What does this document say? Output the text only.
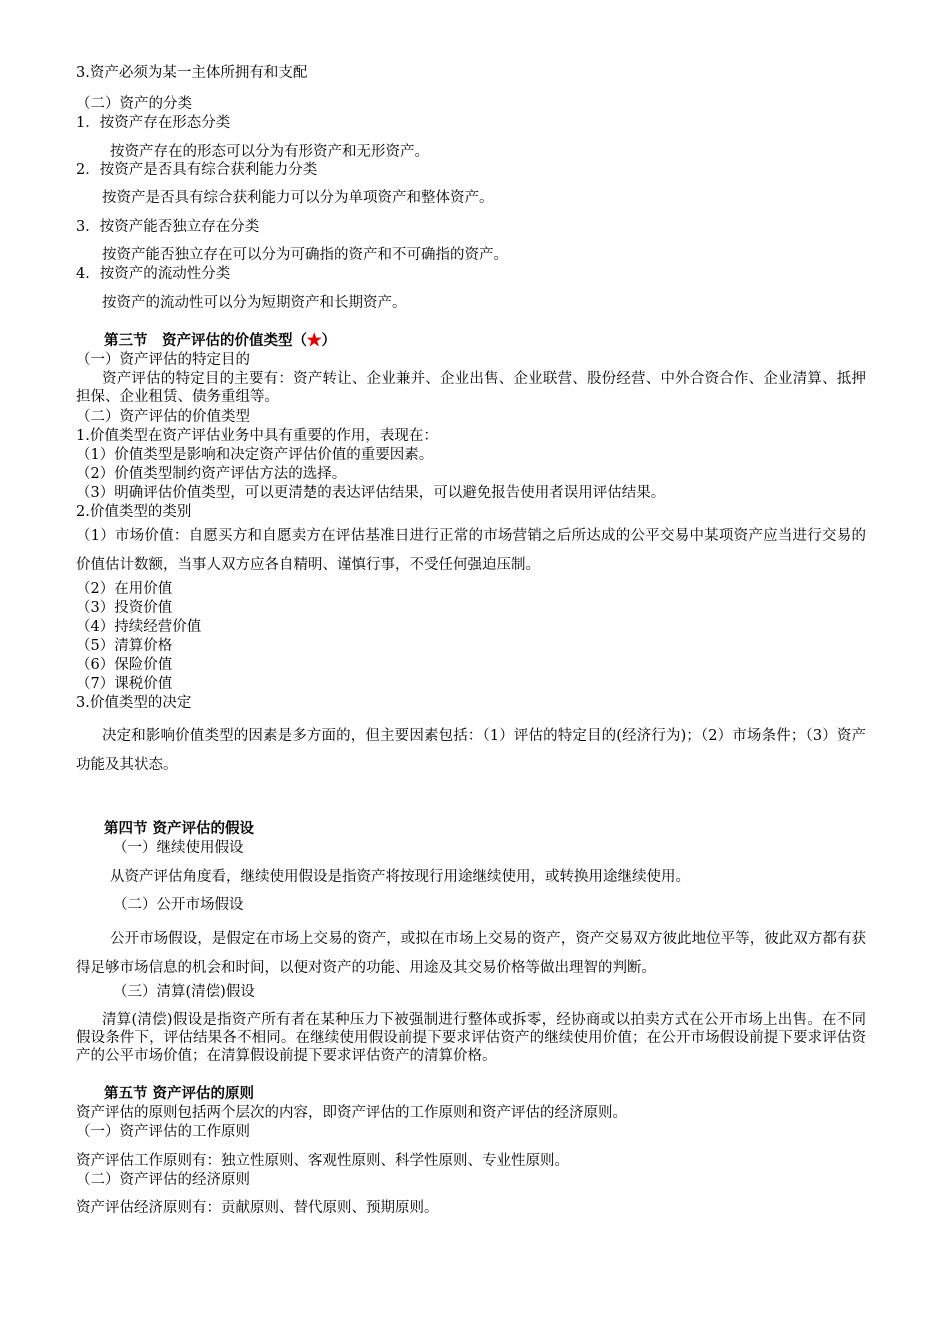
3.资产必须为某一主体所拥有和支配
（二）资产的分类
1．按资产存在形态分类
按资产存在的形态可以分为有形资产和无形资产。
2．按资产是否具有综合获利能力分类
按资产是否具有综合获利能力可以分为单项资产和整体资产。
3．按资产能否独立存在分类
按资产能否独立存在可以分为可确指的资产和不可确指的资产。
4．按资产的流动性分类
按资产的流动性可以分为短期资产和长期资产。
第三节　资产评估的价值类型（★）
（一）资产评估的特定目的
资产评估的特定目的主要有：资产转让、企业兼并、企业出售、企业联营、股份经营、中外合资合作、企业清算、抵押担保、企业租赁、债务重组等。
（二）资产评估的价值类型
1.价值类型在资产评估业务中具有重要的作用，表现在：
（1）价值类型是影响和决定资产评估价值的重要因素。
（2）价值类型制约资产评估方法的选择。
（3）明确评估价值类型，可以更清楚的表达评估结果，可以避免报告使用者误用评估结果。
2.价值类型的类别
（1）市场价值：自愿买方和自愿卖方在评估基准日进行正常的市场营销之后所达成的公平交易中某项资产应当进行交易的价值估计数额，当事人双方应各自精明、谨慎行事，不受任何强迫压制。
（2）在用价值
（3）投资价值
（4）持续经营价值
（5）清算价格
（6）保险价值
（7）课税价值
3.价值类型的决定
决定和影响价值类型的因素是多方面的，但主要因素包括：（1）评估的特定目的(经济行为)；（2）市场条件；（3）资产功能及其状态。
第四节 资产评估的假设
（一）继续使用假设
从资产评估角度看，继续使用假设是指资产将按现行用途继续使用，或转换用途继续使用。
（二）公开市场假设
公开市场假设，是假定在市场上交易的资产，或拟在市场上交易的资产，资产交易双方彼此地位平等，彼此双方都有获得足够市场信息的机会和时间，以便对资产的功能、用途及其交易价格等做出理智的判断。
（三）清算(清偿)假设
清算(清偿)假设是指资产所有者在某种压力下被强制进行整体或拆零，经协商或以拍卖方式在公开市场上出售。在不同假设条件下，评估结果各不相同。在继续使用假设前提下要求评估资产的继续使用价值；在公开市场假设前提下要求评估资产的公平市场价值；在清算假设前提下要求评估资产的清算价格。
第五节 资产评估的原则
资产评估的原则包括两个层次的内容，即资产评估的工作原则和资产评估的经济原则。
（一）资产评估的工作原则
资产评估工作原则有：独立性原则、客观性原则、科学性原则、专业性原则。
（二）资产评估的经济原则
资产评估经济原则有：贡献原则、替代原则、预期原则。
